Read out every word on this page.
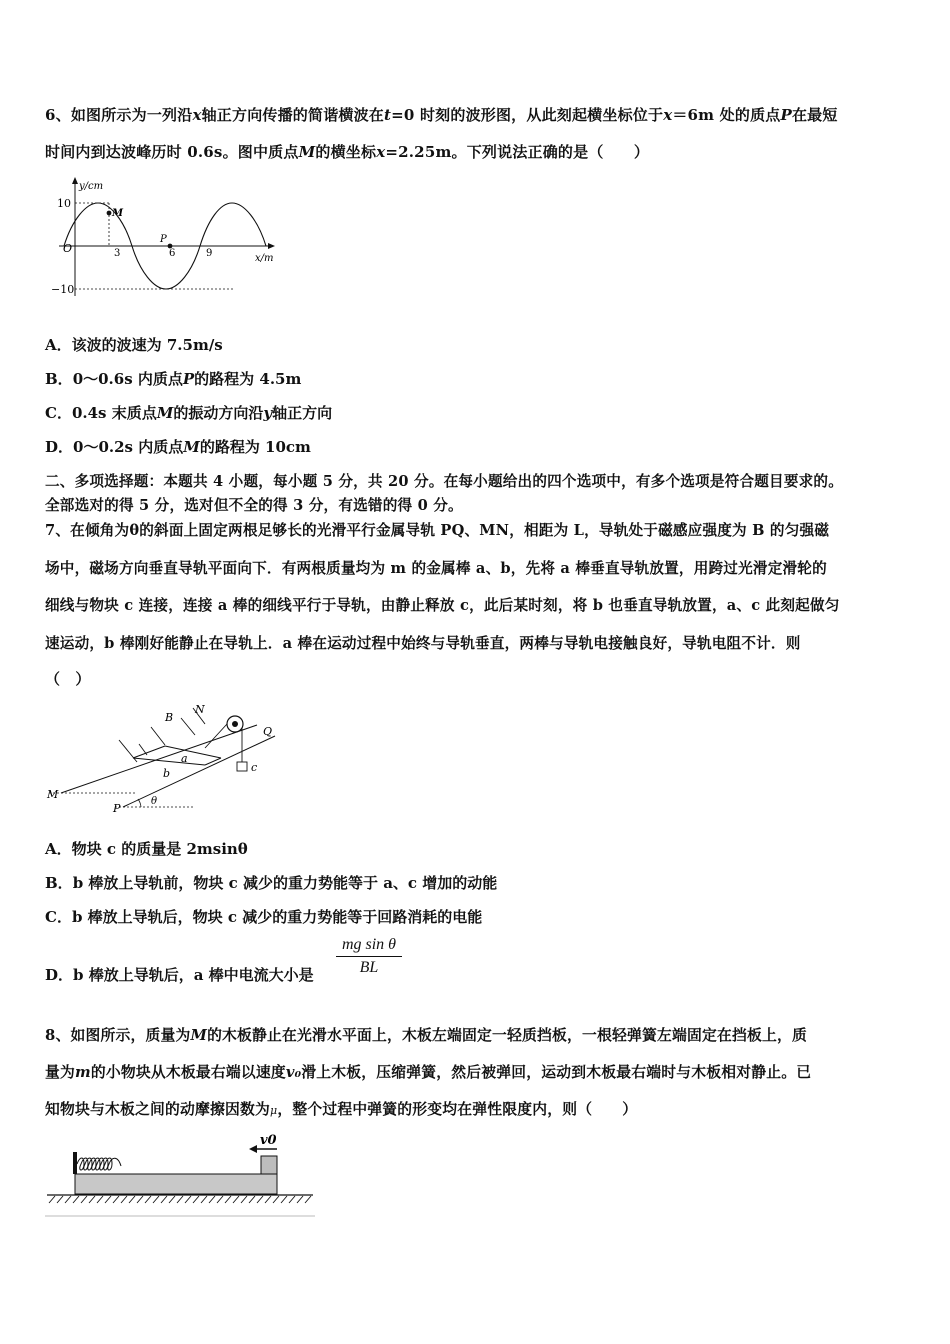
6、如图所示为一列沿x轴正方向传播的简谐横波在t=0 时刻的波形图，从此刻起横坐标位于x＝6m 处的质点P在最短
时间内到达波峰历时 0.6s。图中质点M的横坐标x=2.25m。下列说法正确的是（　　）
y/cm
x/m
O
10
−10
3	6	9
M
P
A．该波的波速为 7.5m/s
B．0～0.6s 内质点P的路程为 4.5m
C．0.4s 末质点M的振动方向沿y轴正方向
D．0～0.2s 内质点M的路程为 10cm
二、多项选择题：本题共 4 小题，每小题 5 分，共 20 分。在每小题给出的四个选项中，有多个选项是符合题目要求的。
全部选对的得 5 分，选对但不全的得 3 分，有选错的得 0 分。
7、在倾角为θ的斜面上固定两根足够长的光滑平行金属导轨 PQ、MN，相距为 L，导轨处于磁感应强度为 B 的匀强磁
场中，磁场方向垂直导轨平面向下．有两根质量均为 m 的金属棒 a、b，先将 a 棒垂直导轨放置，用跨过光滑定滑轮的
细线与物块 c 连接，连接 a 棒的细线平行于导轨，由静止释放 c，此后某时刻，将 b 也垂直导轨放置，a、c 此刻起做匀
速运动，b 棒刚好能静止在导轨上．a 棒在运动过程中始终与导轨垂直，两棒与导轨电接触良好，导轨电阻不计．则
（　）
B
N
Q
a
b	c
M
P
θ
A．物块 c 的质量是 2msinθ
B．b 棒放上导轨前，物块 c 减少的重力势能等于 a、c 增加的动能
C．b 棒放上导轨后，物块 c 减少的重力势能等于回路消耗的电能
D．b 棒放上导轨后，a 棒中电流大小是 $\frac{\text{mg sin θ}}{BL}$
8、如图所示，质量为M的木板静止在光滑水平面上，木板左端固定一轻质挡板，一根轻弹簧左端固定在挡板上，质
量为m的小物块从木板最右端以速度v₀滑上木板，压缩弹簧，然后被弹回，运动到木板最右端时与木板相对静止。已
知物块与木板之间的动摩擦因数为μ，整个过程中弹簧的形变均在弹性限度内，则（　　）
v0
